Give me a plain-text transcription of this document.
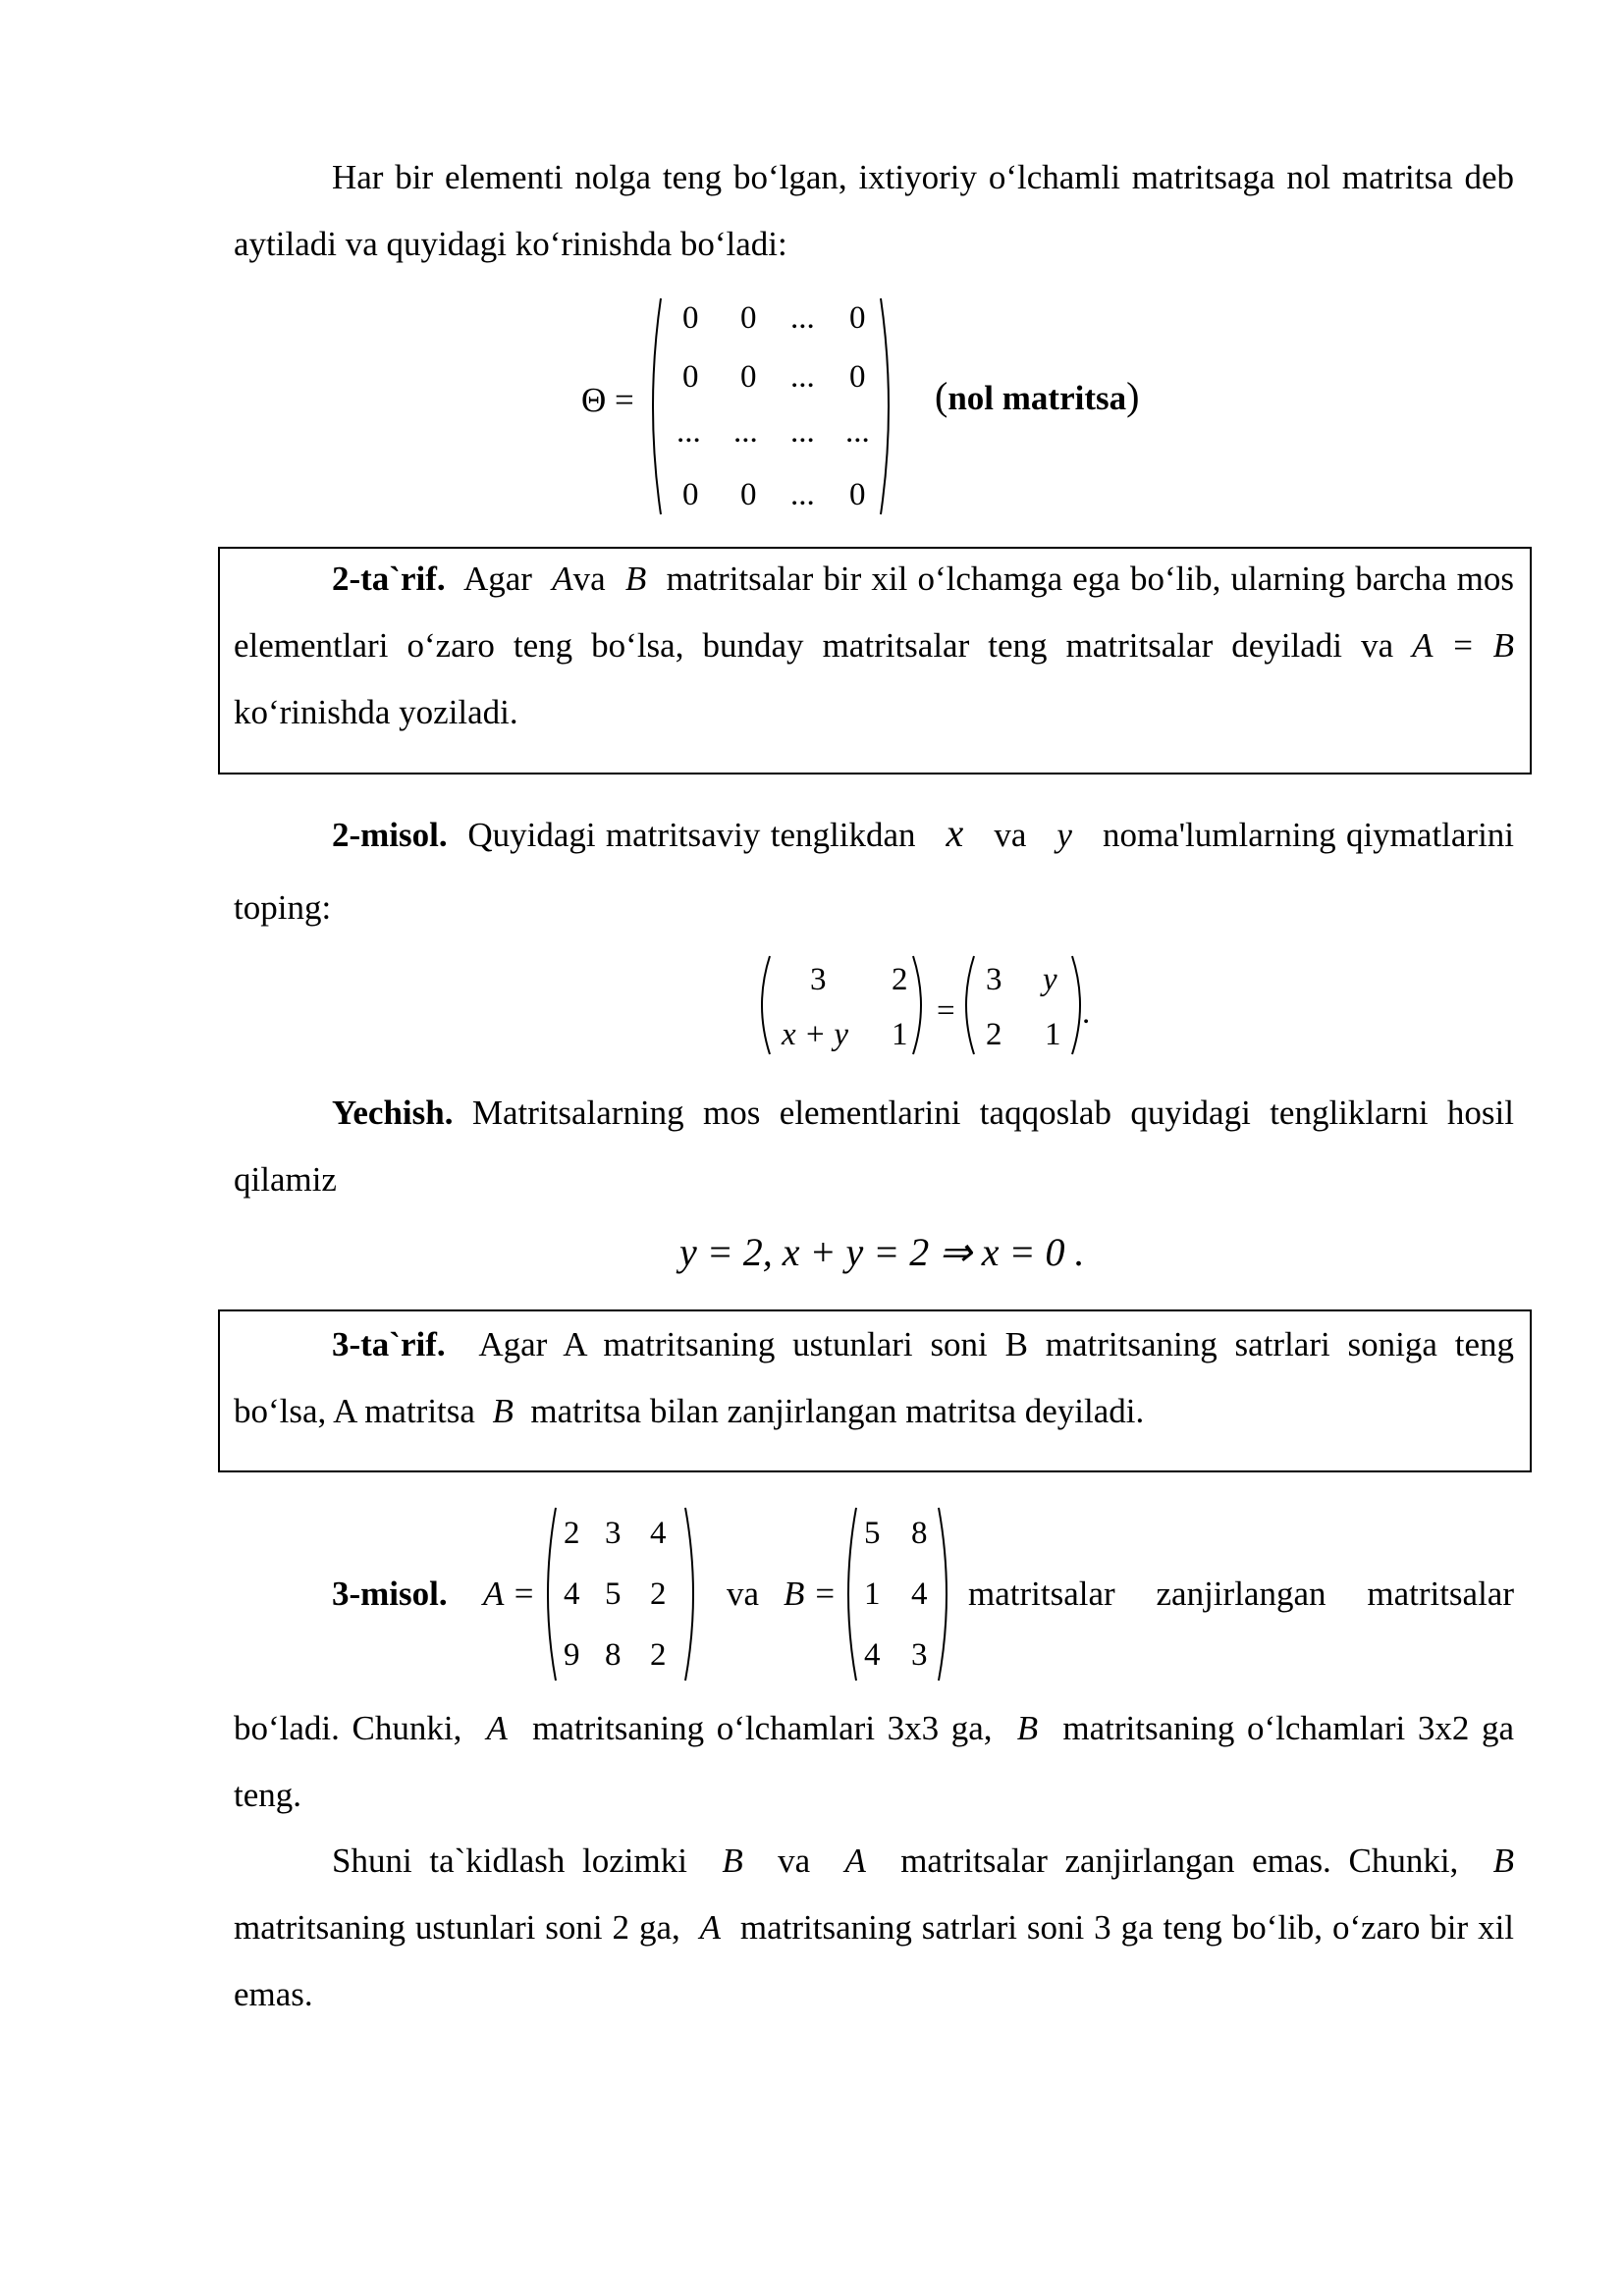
Har bir elementi nolga teng bo‘lgan, ixtiyoriy o‘lchamli matritsaga nol matritsa deb aytiladi va quyidagi ko‘rinishda bo‘ladi:

Θ =
0 0 ... 0
0 0 ... 0
... ... ... ...
0 0 ... 0
(nol matritsa)

2-ta`rif. Agar Ava B matritsalar bir xil o‘lchamga ega bo‘lib, ularning barcha mos elementlari o‘zaro teng bo‘lsa, bunday matritsalar teng matritsalar deyiladi va A = B ko‘rinishda yoziladi.

2-misol. Quyidagi matritsaviy tenglikdan x va y noma'lumlarning qiymatlarini toping:

3 2
x + y 1
=
3 y
2 1
.

Yechish. Matritsalarning mos elementlarini taqqoslab quyidagi tengliklarni hosil qilamiz

y = 2, x + y = 2 ⇒ x = 0 .

3-ta`rif. Agar A matritsaning ustunlari soni B matritsaning satrlari soniga teng bo‘lsa, A matritsa B matritsa bilan zanjirlangan matritsa deyiladi.

3-misol. A =
2 3 4
4 5 2
9 8 2
va B =
5 8
1 4
4 3
matritsalar zanjirlangan matritsalar

bo‘ladi. Chunki, A matritsaning o‘lchamlari 3x3 ga, B matritsaning o‘lchamlari 3x2 ga teng.

Shuni ta`kidlash lozimki B va A matritsalar zanjirlangan emas. Chunki, B matritsaning ustunlari soni 2 ga, A matritsaning satrlari soni 3 ga teng bo‘lib, o‘zaro bir xil emas.
